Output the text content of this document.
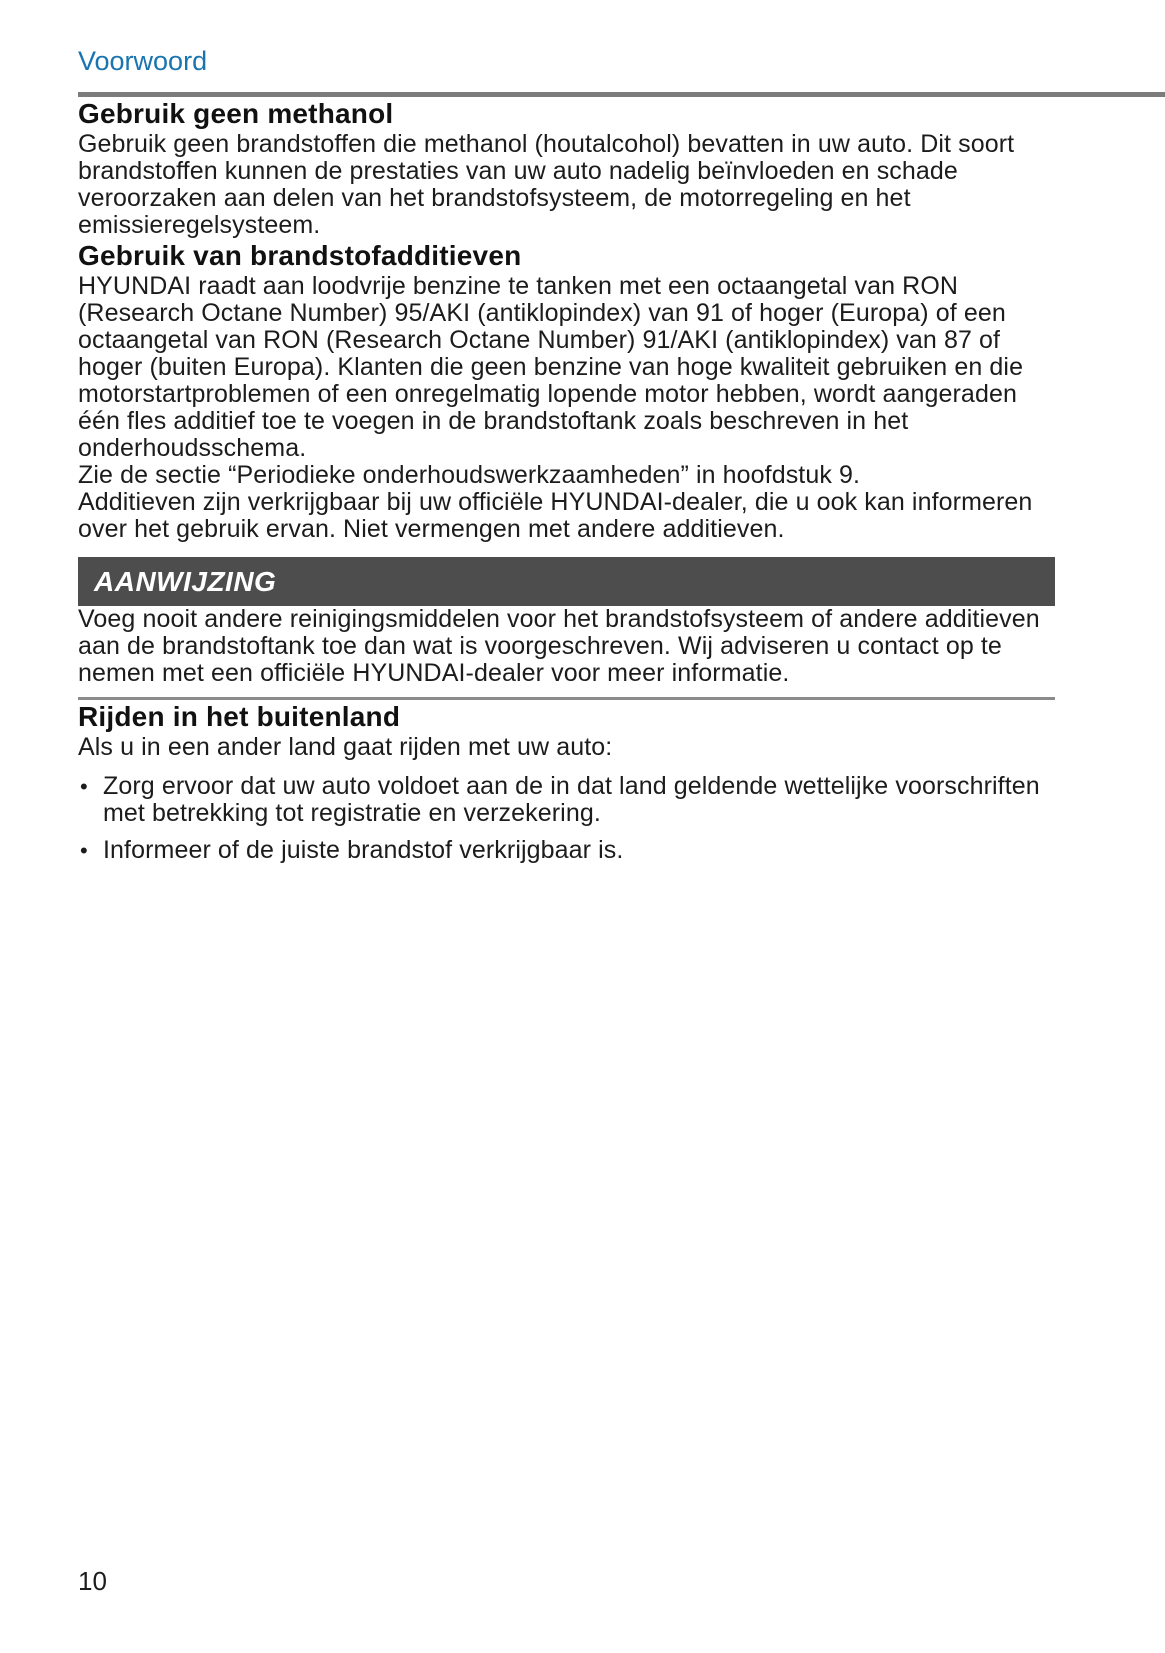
Voorwoord
Gebruik geen methanol

Gebruik geen brandstoffen die methanol (houtalcohol) bevatten in uw auto. Dit soort brandstoffen kunnen de prestaties van uw auto nadelig beïnvloeden en schade veroorzaken aan delen van het brandstofsysteem, de motorregeling en het emissieregelsysteem.

Gebruik van brandstofadditieven

HYUNDAI raadt aan loodvrije benzine te tanken met een octaangetal van RON (Research Octane Number) 95/AKI (antiklopindex) van 91 of hoger (Europa) of een octaangetal van RON (Research Octane Number) 91/AKI (antiklopindex) van 87 of hoger (buiten Europa). Klanten die geen benzine van hoge kwaliteit gebruiken en die motorstartproblemen of een onregelmatig lopende motor hebben, wordt aangeraden één fles additief toe te voegen in de brandstoftank zoals beschreven in het onderhoudsschema.

Zie de sectie “Periodieke onderhoudswerkzaamheden” in hoofdstuk 9.

Additieven zijn verkrijgbaar bij uw officiële HYUNDAI-dealer, die u ook kan informeren over het gebruik ervan. Niet vermengen met andere additieven.

AANWIJZING

Voeg nooit andere reinigingsmiddelen voor het brandstofsysteem of andere additieven aan de brandstoftank toe dan wat is voorgeschreven. Wij adviseren u contact op te nemen met een officiële HYUNDAI-dealer voor meer informatie.

Rijden in het buitenland

Als u in een ander land gaat rijden met uw auto:

• Zorg ervoor dat uw auto voldoet aan de in dat land geldende wettelijke voorschriften met betrekking tot registratie en verzekering.
• Informeer of de juiste brandstof verkrijgbaar is.
10
